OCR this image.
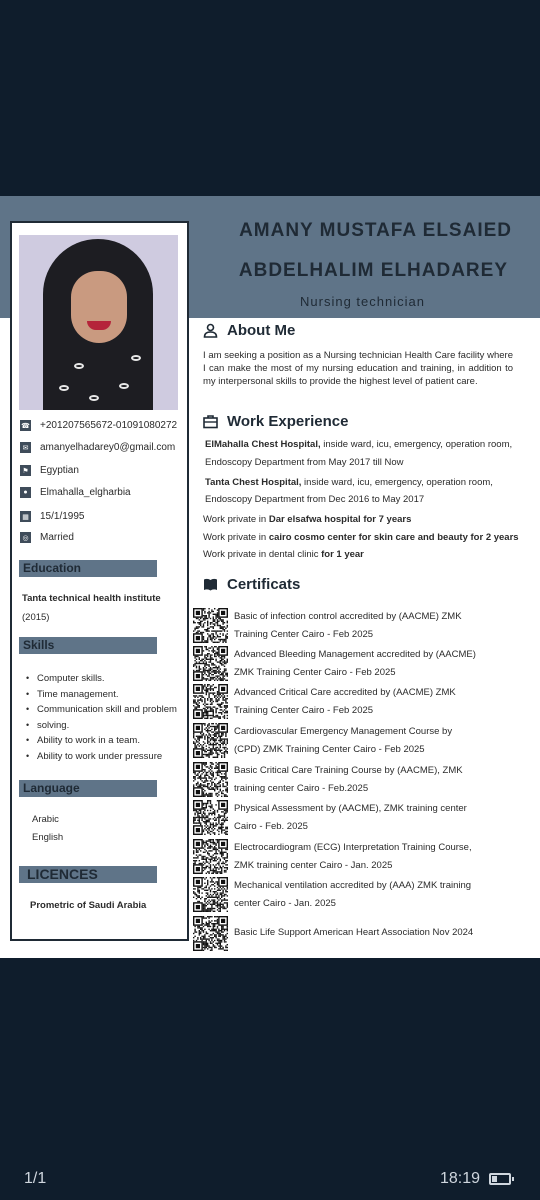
AMANY MUSTAFA ELSAIED
ABDELHALIM ELHADAREY
Nursing technician
☎ +201207565672-01091080272
✉ amanyelhadarey0@gmail.com
⚑ Egyptian
●	Elmahalla_elgharbia
▦ 15/1/1995
◎ Married
Education
Tanta technical health institute
(2015)
Skills
• Computer skills.
• Time management.
• Communication skill and problem
• solving.
• Ability to work in a team.
• Ability to work under pressure
Language
Arabic
English
LICENCES
Prometric of Saudi Arabia
About Me
I am seeking a position as a Nursing technician Health Care facility where I can make the most of my nursing education and training, in addition to my interpersonal skills to provide the highest level of patient care.
Work Experience
ElMahalla Chest Hospital, inside ward, icu, emergency, operation room,
Endoscopy Department from May 2017 till Now
Tanta Chest Hospital, inside ward, icu, emergency, operation room,
Endoscopy Department from Dec 2016 to May 2017
Work private in Dar elsafwa hospital for 7 years
Work private in cairo cosmo center for skin care and beauty for 2 years
Work private in dental clinic for 1 year
Certificats
Basic of infection control accredited by (AACME) ZMK
Training Center Cairo - Feb 2025
Advanced Bleeding Management accredited by (AACME)
ZMK Training Center Cairo - Feb 2025
Advanced Critical Care accredited by (AACME) ZMK
Training Center Cairo - Feb 2025
Cardiovascular Emergency Management Course by
(CPD) ZMK Training Center Cairo - Feb 2025
Basic Critical Care Training Course by (AACME), ZMK
training center Cairo - Feb.2025
Physical Assessment by (AACME), ZMK training center
Cairo - Feb. 2025
Electrocardiogram (ECG) Interpretation Training Course,
ZMK training center Cairo - Jan. 2025
Mechanical ventilation accredited by (AAA) ZMK training
center Cairo - Jan. 2025
Basic Life Support American Heart Association Nov 2024
1/1	18:19
